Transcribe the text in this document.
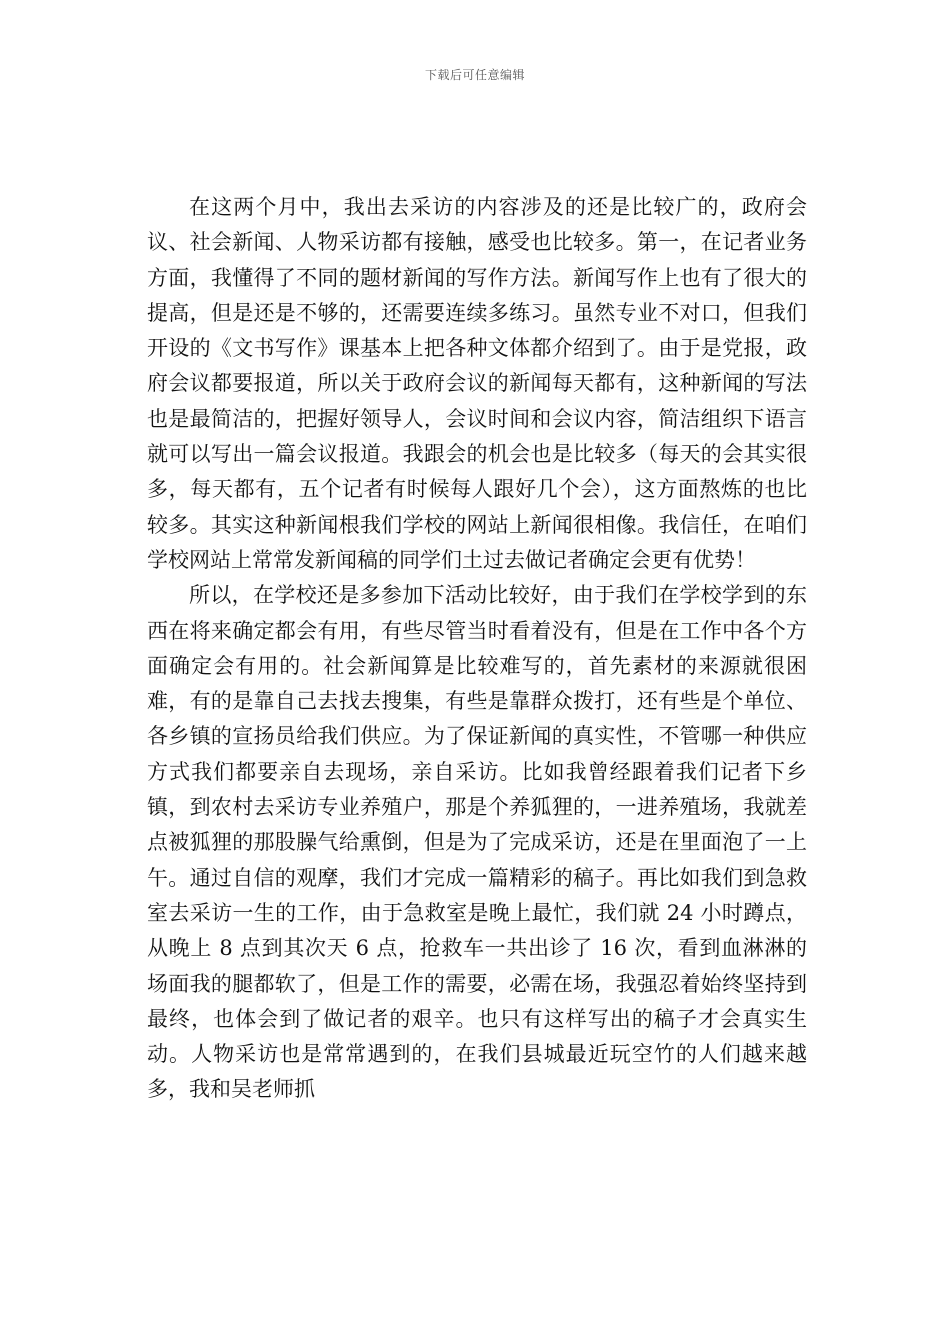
下载后可任意编辑

在这两个月中，我出去采访的内容涉及的还是比较广的，政府会议、社会新闻、人物采访都有接触，感受也比较多。第一，在记者业务方面，我懂得了不同的题材新闻的写作方法。新闻写作上也有了很大的提高，但是还是不够的，还需要连续多练习。虽然专业不对口，但我们开设的《文书写作》课基本上把各种文体都介绍到了。由于是党报，政府会议都要报道，所以关于政府会议的新闻每天都有，这种新闻的写法也是最简洁的，把握好领导人，会议时间和会议内容，简洁组织下语言就可以写出一篇会议报道。我跟会的机会也是比较多（每天的会其实很多，每天都有，五个记者有时候每人跟好几个会），这方面熬炼的也比较多。其实这种新闻根我们学校的网站上新闻很相像。我信任，在咱们学校网站上常常发新闻稿的同学们土过去做记者确定会更有优势！

所以，在学校还是多参加下活动比较好，由于我们在学校学到的东西在将来确定都会有用，有些尽管当时看着没有，但是在工作中各个方面确定会有用的。社会新闻算是比较难写的，首先素材的来源就很困难，有的是靠自己去找去搜集，有些是靠群众拨打，还有些是个单位、各乡镇的宣扬员给我们供应。为了保证新闻的真实性，不管哪一种供应方式我们都要亲自去现场，亲自采访。比如我曾经跟着我们记者下乡镇，到农村去采访专业养殖户，那是个养狐狸的，一进养殖场，我就差点被狐狸的那股臊气给熏倒，但是为了完成采访，还是在里面泡了一上午。通过自信的观摩，我们才完成一篇精彩的稿子。再比如我们到急救室去采访一生的工作，由于急救室是晚上最忙，我们就 24 小时蹲点，从晚上 8 点到其次天 6 点，抢救车一共出诊了 16 次，看到血淋淋的场面我的腿都软了，但是工作的需要，必需在场，我强忍着始终坚持到最终，也体会到了做记者的艰辛。也只有这样写出的稿子才会真实生动。人物采访也是常常遇到的，在我们县城最近玩空竹的人们越来越多，我和吴老师抓
